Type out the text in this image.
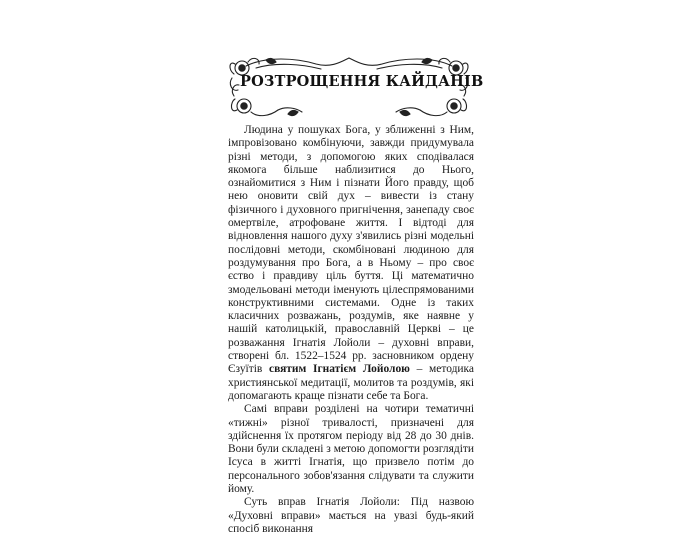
РОЗТРОЩЕННЯ КАЙДАНІВ

Людина у пошуках Бога, у зближенні з Ним, імпровізовано комбінуючи, завжди придумувала різні методи, з допомогою яких сподівалася якомога більше наблизитися до Нього, ознайомитися з Ним і пізнати Його правду, щоб нею оновити свій дух – вивести із стану фізичного і духовного пригнічення, занепаду своє омертвіле, атрофоване життя. І відтоді для відновлення нашого духу з'явились різні модельні послідовні методи, скомбіновані людиною для роздумування про Бога, а в Ньому – про своє єство і правдиву ціль буття. Ці математично змодельовані методи іменують цілеспрямованими конструктивними системами. Одне із таких класичних розважань, роздумів, яке наявне у нашій католицькій, православній Церкві – це розважання Ігнатія Лойоли – духовні вправи, створені бл. 1522–1524 рр. засновником ордену Єзуїтів святим Ігнатієм Лойолою – методика християнської медитації, молитов та роздумів, які допомагають краще пізнати себе та Бога.

Самі вправи розділені на чотири тематичні «тижні» різної тривалості, призначені для здійснення їх протягом періоду від 28 до 30 днів. Вони були складені з метою допомогти розглядіти Ісуса в житті Ігнатія, що призвело потім до персонального зобов'язання слідувати та служити йому.

Суть вправ Ігнатія Лойоли: Під назвою «Духовні вправи» мається на увазі будь-який спосіб виконання
